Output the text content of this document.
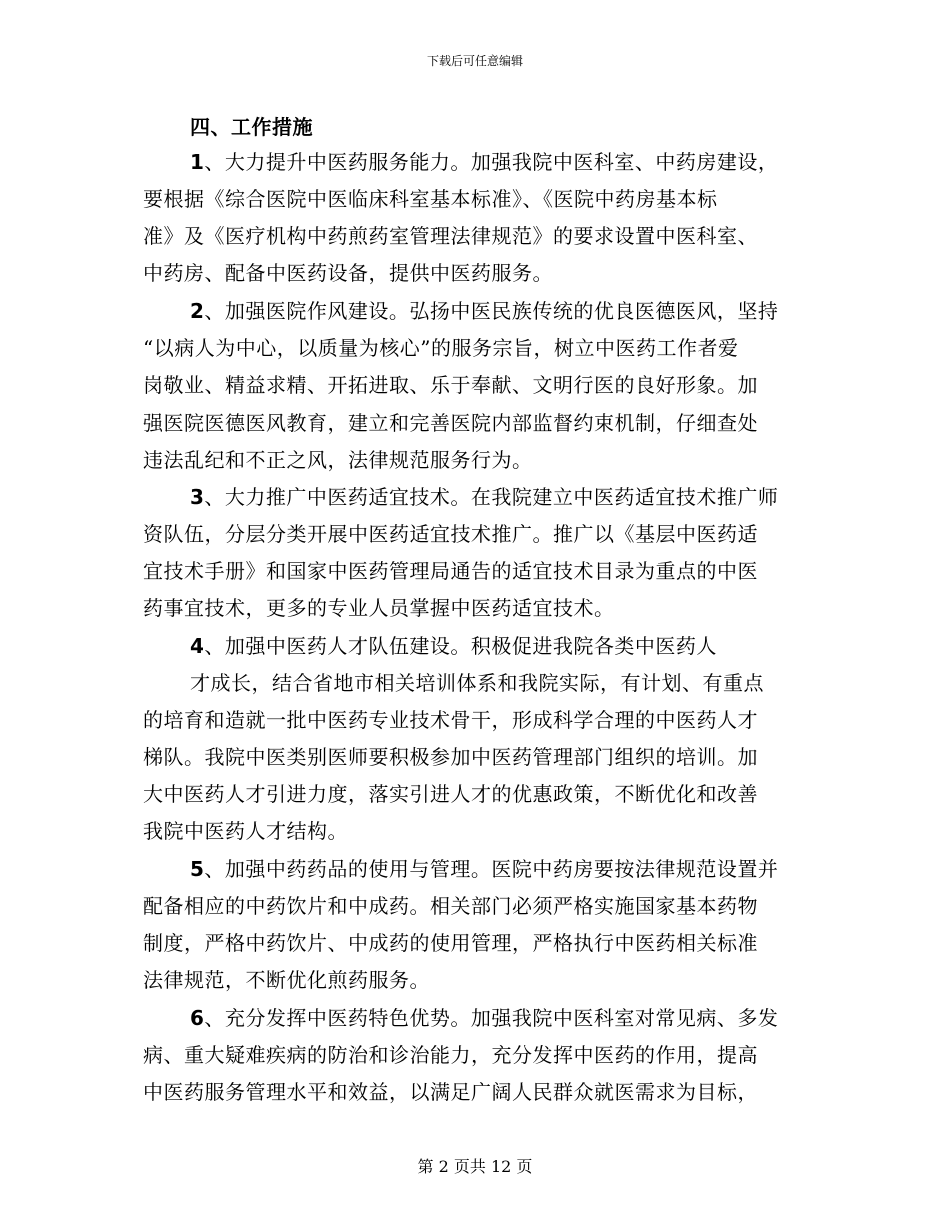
下载后可任意编辑
四、工作措施
1、大力提升中医药服务能力。加强我院中医科室、中药房建设，
要根据《综合医院中医临床科室基本标准》、《医院中药房基本标
准》及《医疗机构中药煎药室管理法律规范》的要求设置中医科室、
中药房、配备中医药设备，提供中医药服务。
2、加强医院作风建设。弘扬中医民族传统的优良医德医风，坚持
“以病人为中心，以质量为核心”的服务宗旨，树立中医药工作者爱
岗敬业、精益求精、开拓进取、乐于奉献、文明行医的良好形象。加
强医院医德医风教育，建立和完善医院内部监督约束机制，仔细查处
违法乱纪和不正之风，法律规范服务行为。
3、大力推广中医药适宜技术。在我院建立中医药适宜技术推广师
资队伍，分层分类开展中医药适宜技术推广。推广以《基层中医药适
宜技术手册》和国家中医药管理局通告的适宜技术目录为重点的中医
药事宜技术，更多的专业人员掌握中医药适宜技术。
4、加强中医药人才队伍建设。积极促进我院各类中医药人
才成长，结合省地市相关培训体系和我院实际，有计划、有重点
的培育和造就一批中医药专业技术骨干，形成科学合理的中医药人才
梯队。我院中医类别医师要积极参加中医药管理部门组织的培训。加
大中医药人才引进力度，落实引进人才的优惠政策，不断优化和改善
我院中医药人才结构。
5、加强中药药品的使用与管理。医院中药房要按法律规范设置并
配备相应的中药饮片和中成药。相关部门必须严格实施国家基本药物
制度，严格中药饮片、中成药的使用管理，严格执行中医药相关标准
法律规范，不断优化煎药服务。
6、充分发挥中医药特色优势。加强我院中医科室对常见病、多发
病、重大疑难疾病的防治和诊治能力，充分发挥中医药的作用，提高
中医药服务管理水平和效益，以满足广阔人民群众就医需求为目标，
第 2 页共 12 页
